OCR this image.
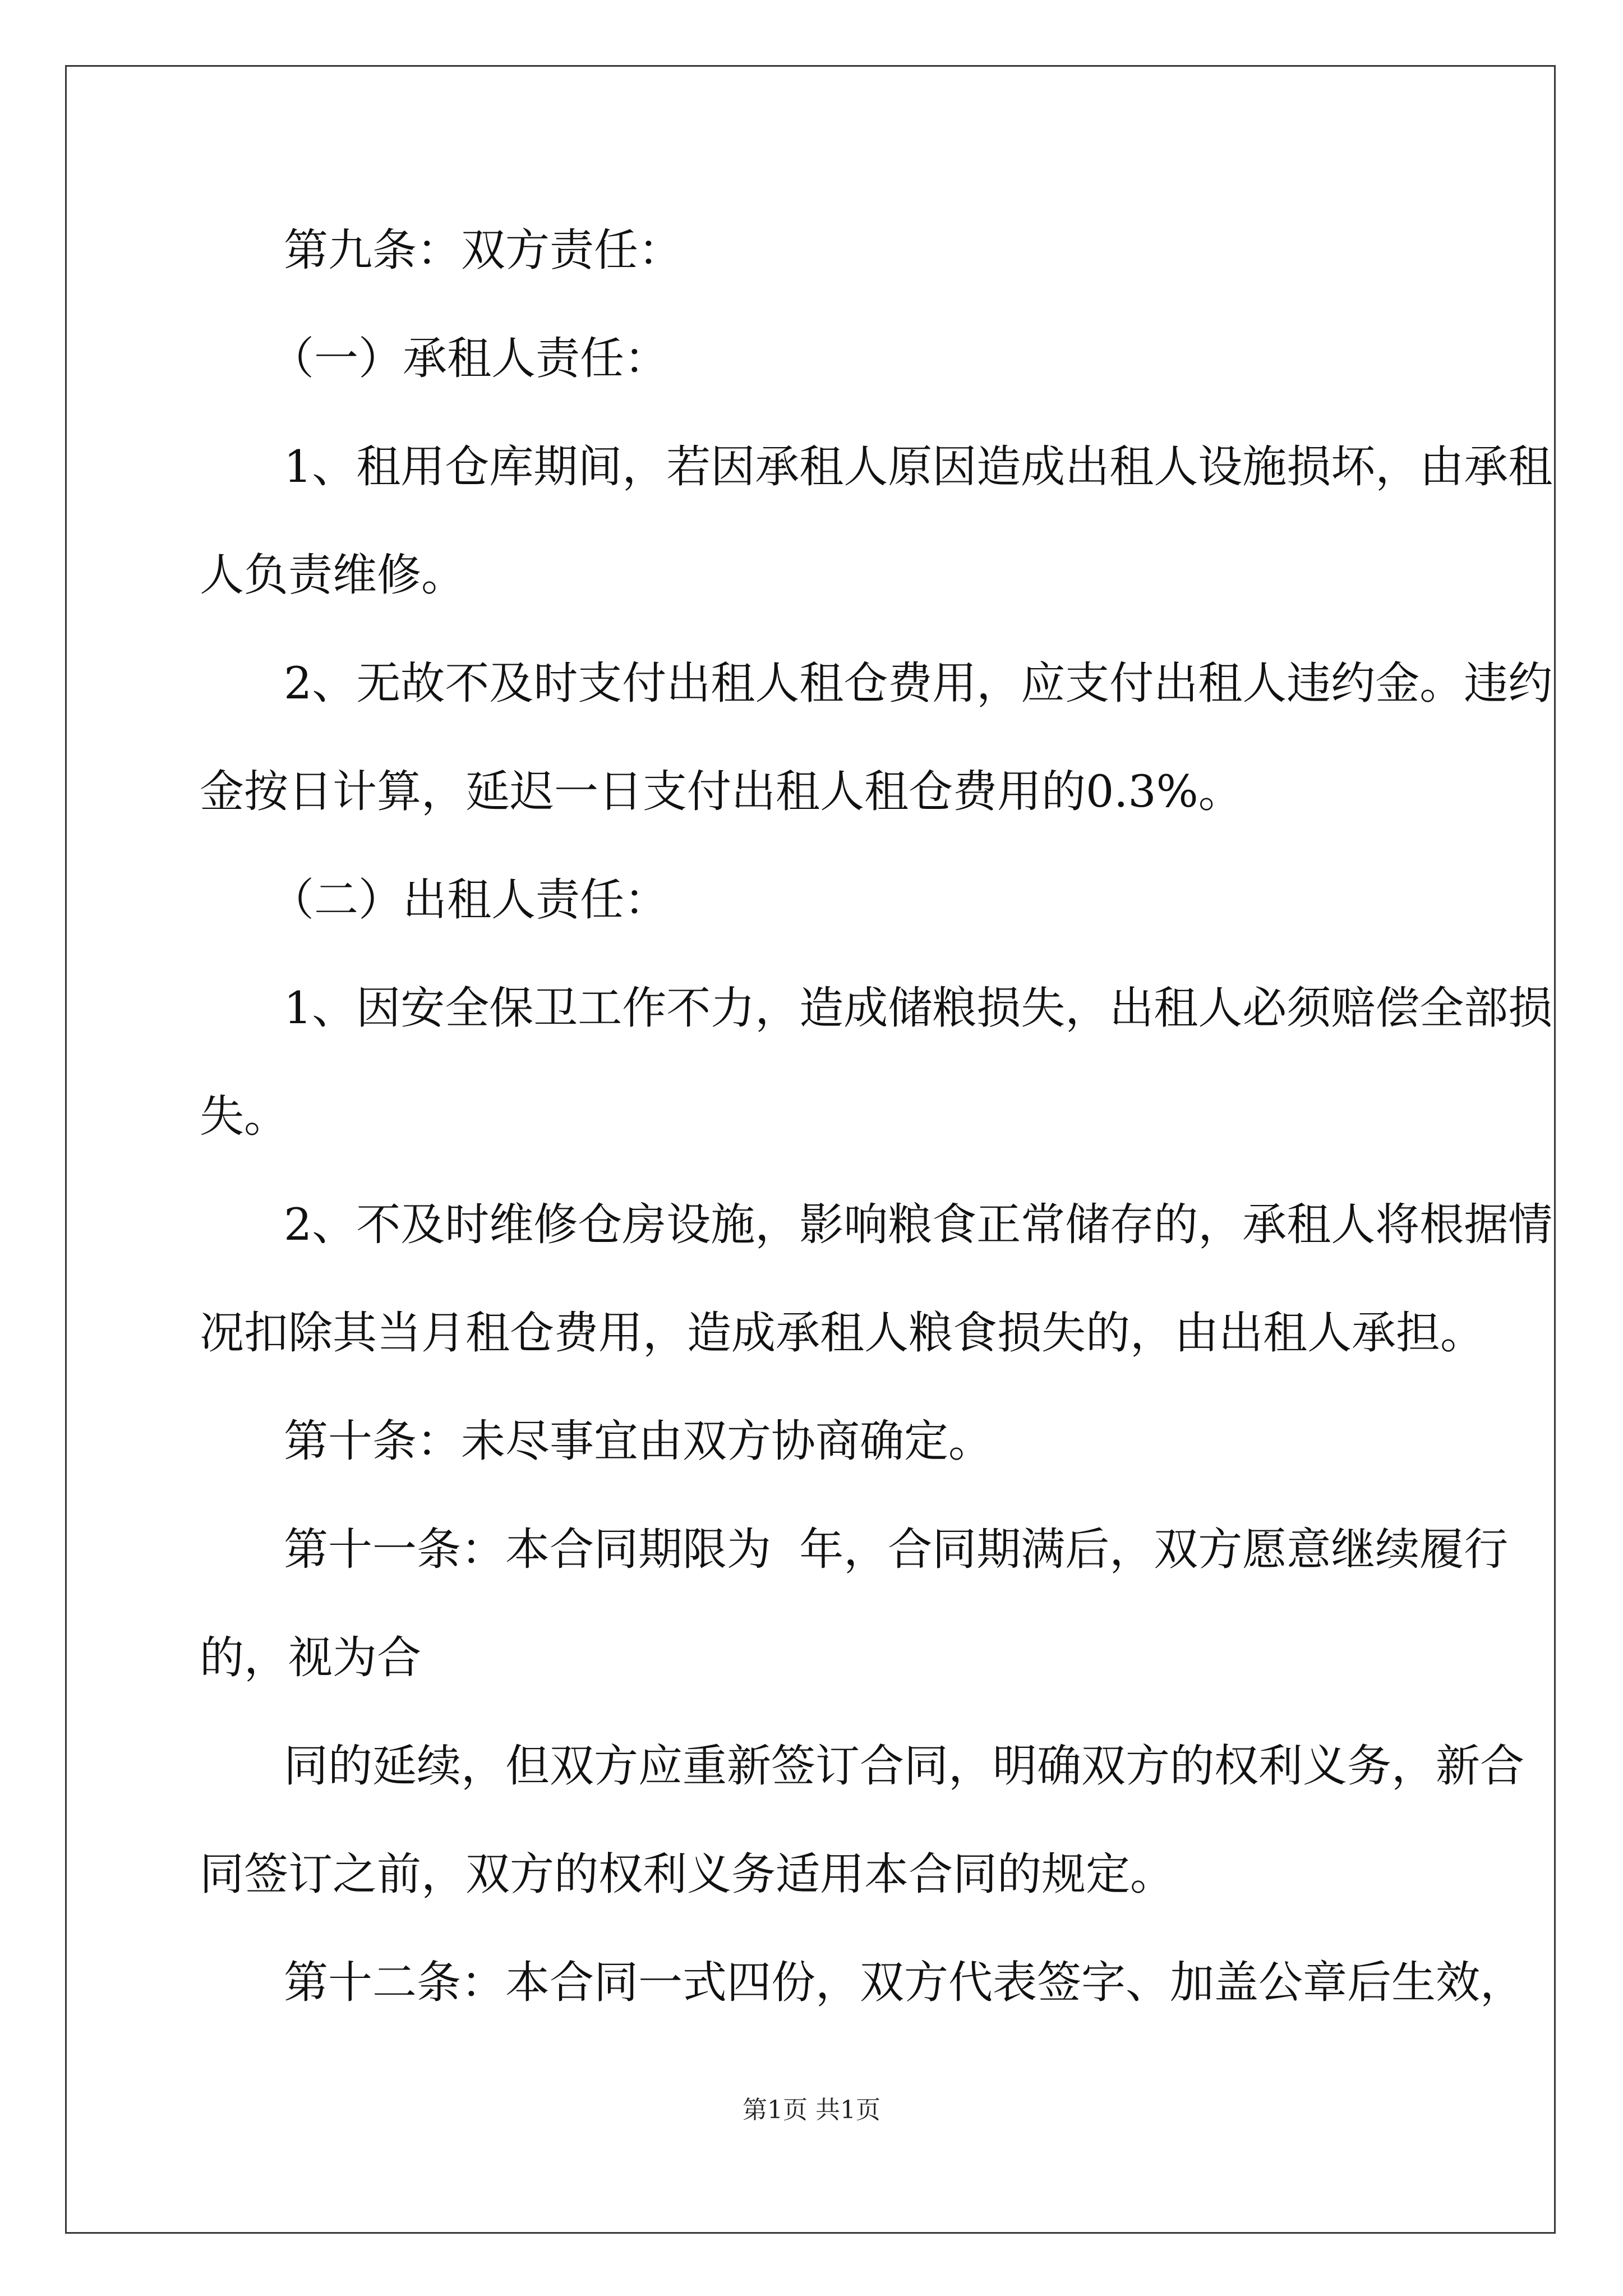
第九条：双方责任：
（一）承租人责任：
1、租用仓库期间，若因承租人原因造成出租人设施损坏，由承租
人负责维修。
2、无故不及时支付出租人租仓费用，应支付出租人违约金。违约
金按日计算，延迟一日支付出租人租仓费用的0.3%。
（二）出租人责任：
1、因安全保卫工作不力，造成储粮损失，出租人必须赔偿全部损
失。
2、不及时维修仓房设施，影响粮食正常储存的，承租人将根据情
况扣除其当月租仓费用，造成承租人粮食损失的，由出租人承担。
第十条：未尽事宜由双方协商确定。
第十一条：本合同期限为  年，合同期满后，双方愿意继续履行
的，视为合
同的延续，但双方应重新签订合同，明确双方的权利义务，新合
同签订之前，双方的权利义务适用本合同的规定。
第十二条：本合同一式四份，双方代表签字、加盖公章后生效，
第1页 共1页
